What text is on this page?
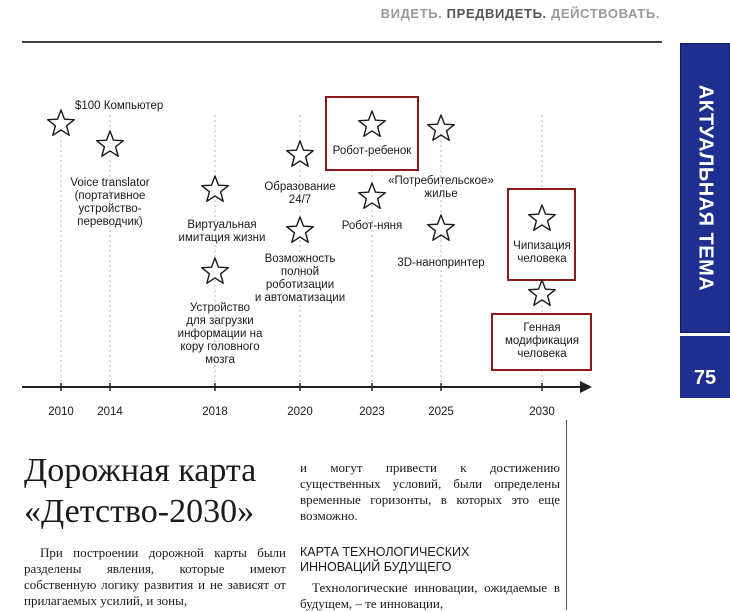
ВИДЕТЬ. ПРЕДВИДЕТЬ. ДЕЙСТВОВАТЬ.
АКТУАЛЬНАЯ ТЕМА
75
2010 2014	2018	2020	2023	2025	2030
$100 Компьютер
Voice translator (портативное устройство-переводчик)	Виртуальная имитация жизни
Устройство для загрузки информации на кору головного мозга
Образование 24/7
Возможность полной роботизации и автоматизации
Робот-ребенок
Робот-няня
«Потребительское» жилье
3D-нанопринтер
Чипизация человека
Генная модификация человека
Дорожная карта
«Детство-2030»

При построении дорожной карты были разделены явления, которые имеют собственную логику развития и не зависят от прилагаемых усилий, и зоны,

и могут привести к достижению существенных условий, были определены временные горизонты, в которых это еще возможно.

КАРТА ТЕХНОЛОГИЧЕСКИХ
ИННОВАЦИЙ БУДУЩЕГО

Технологические инновации, ожидаемые в будущем, – те инновации,
